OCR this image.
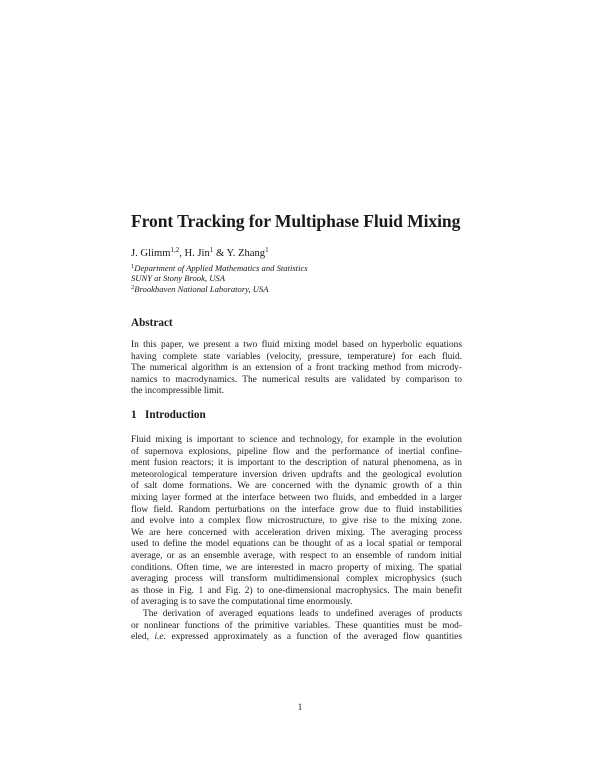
Front Tracking for Multiphase Fluid Mixing
J. Glimm$^{1,2}$, H. Jin$^1$ & Y. Zhang$^1$
$^1$Department of Applied Mathematics and Statistics
SUNY at Stony Brook, USA
$^2$Brookhaven National Laboratory, USA
Abstract

In this paper, we present a two fluid mixing model based on hyperbolic equations

having complete state variables (velocity, pressure, temperature) for each fluid.

The numerical algorithm is an extension of a front tracking method from micrody-

namics to macrodynamics. The numerical results are validated by comparison to

the incompressible limit.

1 Introduction

Fluid mixing is important to science and technology, for example in the evolution

of supernova explosions, pipeline flow and the performance of inertial confine-

ment fusion reactors; it is important to the description of natural phenomena, as in

meteorological temperature inversion driven updrafts and the geological evolution

of salt dome formations. We are concerned with the dynamic growth of a thin

mixing layer formed at the interface between two fluids, and embedded in a larger

flow field. Random perturbations on the interface grow due to fluid instabilities

and evolve into a complex flow microstructure, to give rise to the mixing zone.

We are here concerned with acceleration driven mixing. The averaging process

used to define the model equations can be thought of as a local spatial or temporal

average, or as an ensemble average, with respect to an ensemble of random initial

conditions. Often time, we are interested in macro property of mixing. The spatial

averaging process will transform multidimensional complex microphysics (such

as those in Fig. 1 and Fig. 2) to one-dimensional macrophysics. The main benefit

of averaging is to save the computational time enormously.

The derivation of averaged equations leads to undefined averages of products

or nonlinear functions of the primitive variables. These quantities must be mod-

eled, i.e. expressed approximately as a function of the averaged flow quantities

1
